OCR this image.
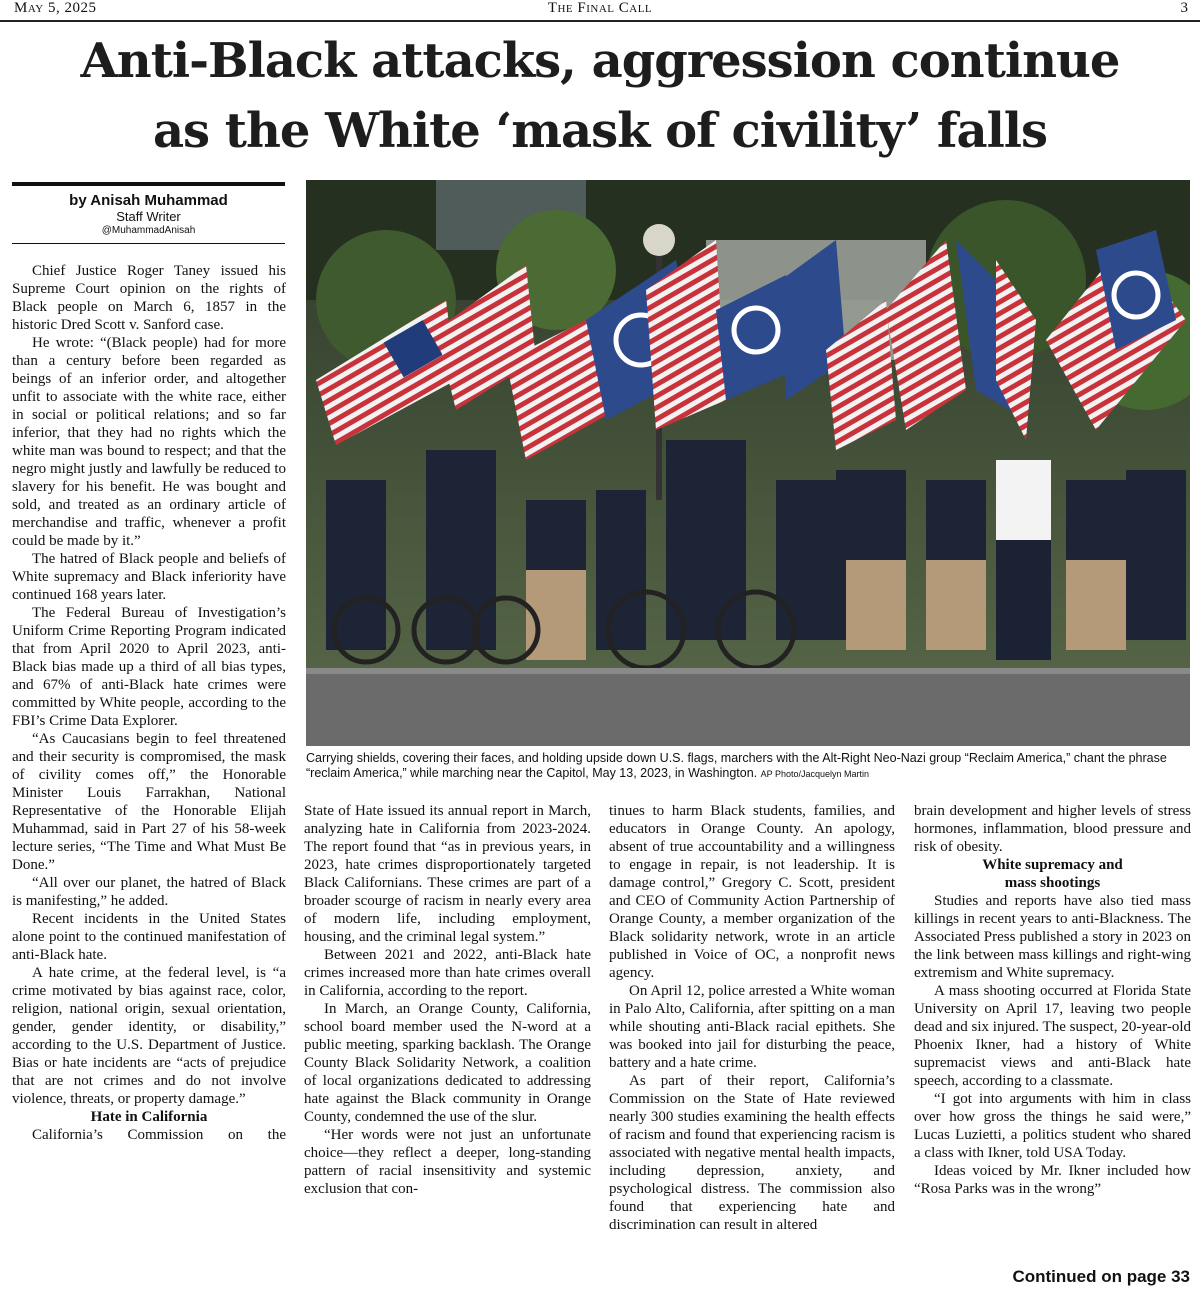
The Final Call
May 5, 2025	3
Anti-Black attacks, aggression continue
as the White ‘mask of civility’ falls
by Anisah Muhammad
Staff Writer
@MuhammadAnisah

Chief Justice Roger Taney issued his Supreme Court opinion on the rights of Black people on March 6, 1857 in the historic Dred Scott v. Sanford case.

He wrote: “(Black people) had for more than a century before been regarded as beings of an inferior order, and altogether unfit to associate with the white race, either in social or political relations; and so far inferior, that they had no rights which the white man was bound to respect; and that the negro might justly and lawfully be reduced to slavery for his benefit. He was bought and sold, and treated as an ordinary article of merchandise and traffic, whenever a profit could be made by it.”

The hatred of Black people and beliefs of White supremacy and Black inferiority have continued 168 years later.

The Federal Bureau of Investigation’s Uniform Crime Reporting Program indicated that from April 2020 to April 2023, anti-Black bias made up a third of all bias types, and 67% of anti-Black hate crimes were committed by White people, according to the FBI’s Crime Data Explorer.

“As Caucasians begin to feel threatened and their security is compromised, the mask of civility comes off,” the Honorable Minister Louis Farrakhan, National Representative of the Honorable Elijah Muhammad, said in Part 27 of his 58-week lecture series, “The Time and What Must Be Done.”

“All over our planet, the hatred of Black is manifesting,” he added.

Recent incidents in the United States alone point to the continued manifestation of anti-Black hate.

A hate crime, at the federal level, is “a crime motivated by bias against race, color, religion, national origin, sexual orientation, gender, gender identity, or disability,” according to the U.S. Department of Justice. Bias or hate incidents are “acts of prejudice that are not crimes and do not involve violence, threats, or property damage.”

Hate in California

California’s Commission on the

Carrying shields, covering their faces, and holding upside down U.S. flags, marchers with the Alt-Right Neo-Nazi group “Reclaim America,” chant the phrase “reclaim America,” while marching near the Capitol, May 13, 2023, in Washington. AP Photo/Jacquelyn Martin

State of Hate issued its annual report in March, analyzing hate in California from 2023-2024. The report found that “as in previous years, in 2023, hate crimes disproportionately targeted Black Californians. These crimes are part of a broader scourge of racism in nearly every area of modern life, including employment, housing, and the criminal legal system.”

Between 2021 and 2022, anti-Black hate crimes increased more than hate crimes overall in California, according to the report.

In March, an Orange County, California, school board member used the N-word at a public meeting, sparking backlash. The Orange County Black Solidarity Network, a coalition of local organizations dedicated to addressing hate against the Black community in Orange County, condemned the use of the slur.

“Her words were not just an unfortunate choice—they reflect a deeper, long-standing pattern of racial insensitivity and systemic exclusion that con-

tinues to harm Black students, families, and educators in Orange County. An apology, absent of true accountability and a willingness to engage in repair, is not leadership. It is damage control,” Gregory C. Scott, president and CEO of Community Action Partnership of Orange County, a member organization of the Black solidarity network, wrote in an article published in Voice of OC, a nonprofit news agency.

On April 12, police arrested a White woman in Palo Alto, California, after spitting on a man while shouting anti-Black racial epithets. She was booked into jail for disturbing the peace, battery and a hate crime.

As part of their report, California’s Commission on the State of Hate reviewed nearly 300 studies examining the health effects of racism and found that experiencing racism is associated with negative mental health impacts, including depression, anxiety, and psychological distress. The commission also found that experiencing hate and discrimination can result in altered

brain development and higher levels of stress hormones, inflammation, blood pressure and risk of obesity.

White supremacy and
mass shootings

Studies and reports have also tied mass killings in recent years to anti-Blackness. The Associated Press published a story in 2023 on the link between mass killings and right-wing extremism and White supremacy.

A mass shooting occurred at Florida State University on April 17, leaving two people dead and six injured. The suspect, 20-year-old Phoenix Ikner, had a history of White supremacist views and anti-Black hate speech, according to a classmate.

“I got into arguments with him in class over how gross the things he said were,” Lucas Luzietti, a politics student who shared a class with Ikner, told USA Today.

Ideas voiced by Mr. Ikner included how “Rosa Parks was in the wrong”

Continued on page 33
